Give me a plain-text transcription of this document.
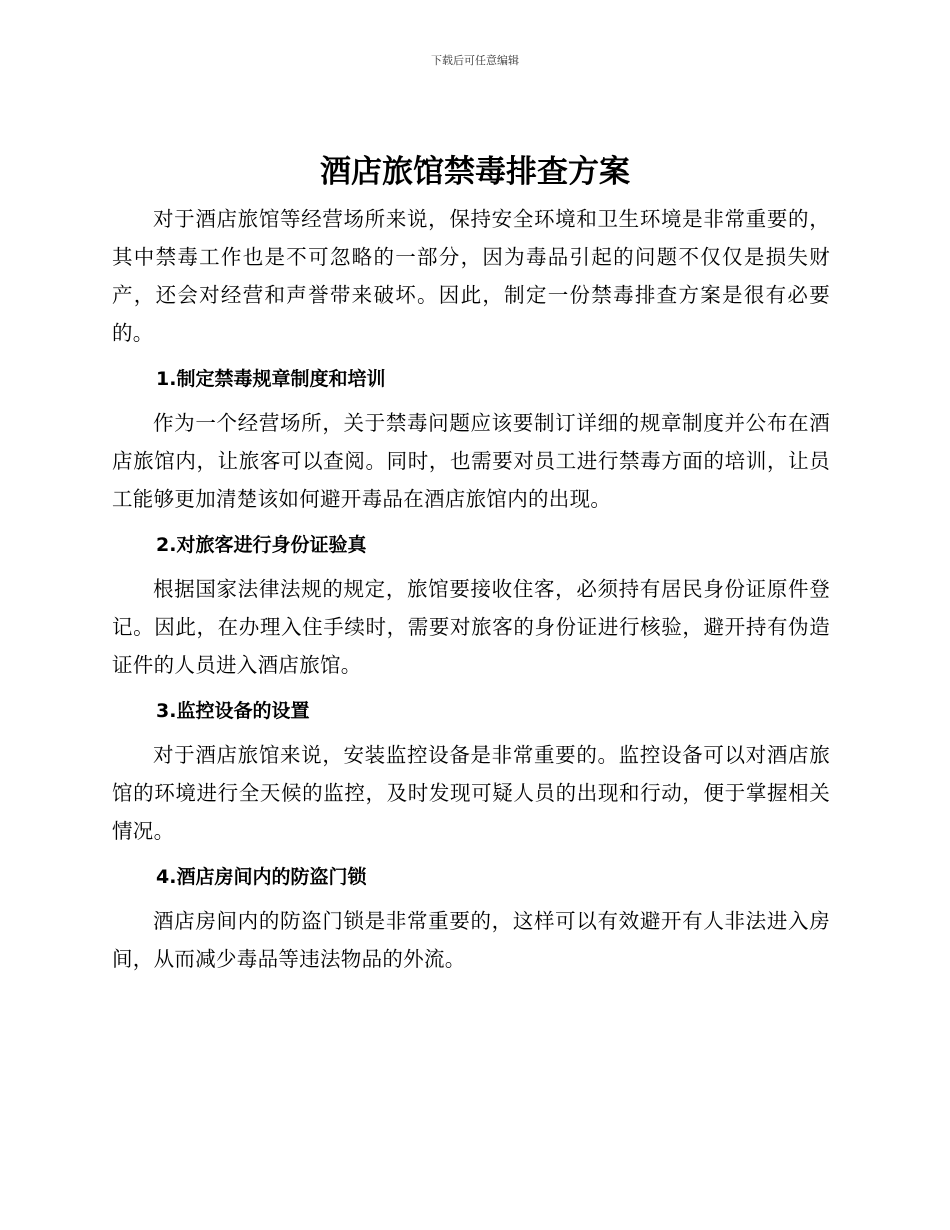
下载后可任意编辑
酒店旅馆禁毒排查方案

对于酒店旅馆等经营场所来说，保持安全环境和卫生环境是非常重要的，其中禁毒工作也是不可忽略的一部分，因为毒品引起的问题不仅仅是损失财产，还会对经营和声誉带来破坏。因此，制定一份禁毒排查方案是很有必要的。

1.制定禁毒规章制度和培训

作为一个经营场所，关于禁毒问题应该要制订详细的规章制度并公布在酒店旅馆内，让旅客可以查阅。同时，也需要对员工进行禁毒方面的培训，让员工能够更加清楚该如何避开毒品在酒店旅馆内的出现。

2.对旅客进行身份证验真

根据国家法律法规的规定，旅馆要接收住客，必须持有居民身份证原件登记。因此，在办理入住手续时，需要对旅客的身份证进行核验，避开持有伪造证件的人员进入酒店旅馆。

3.监控设备的设置

对于酒店旅馆来说，安装监控设备是非常重要的。监控设备可以对酒店旅馆的环境进行全天候的监控，及时发现可疑人员的出现和行动，便于掌握相关情况。

4.酒店房间内的防盗门锁

酒店房间内的防盗门锁是非常重要的，这样可以有效避开有人非法进入房间，从而减少毒品等违法物品的外流。
